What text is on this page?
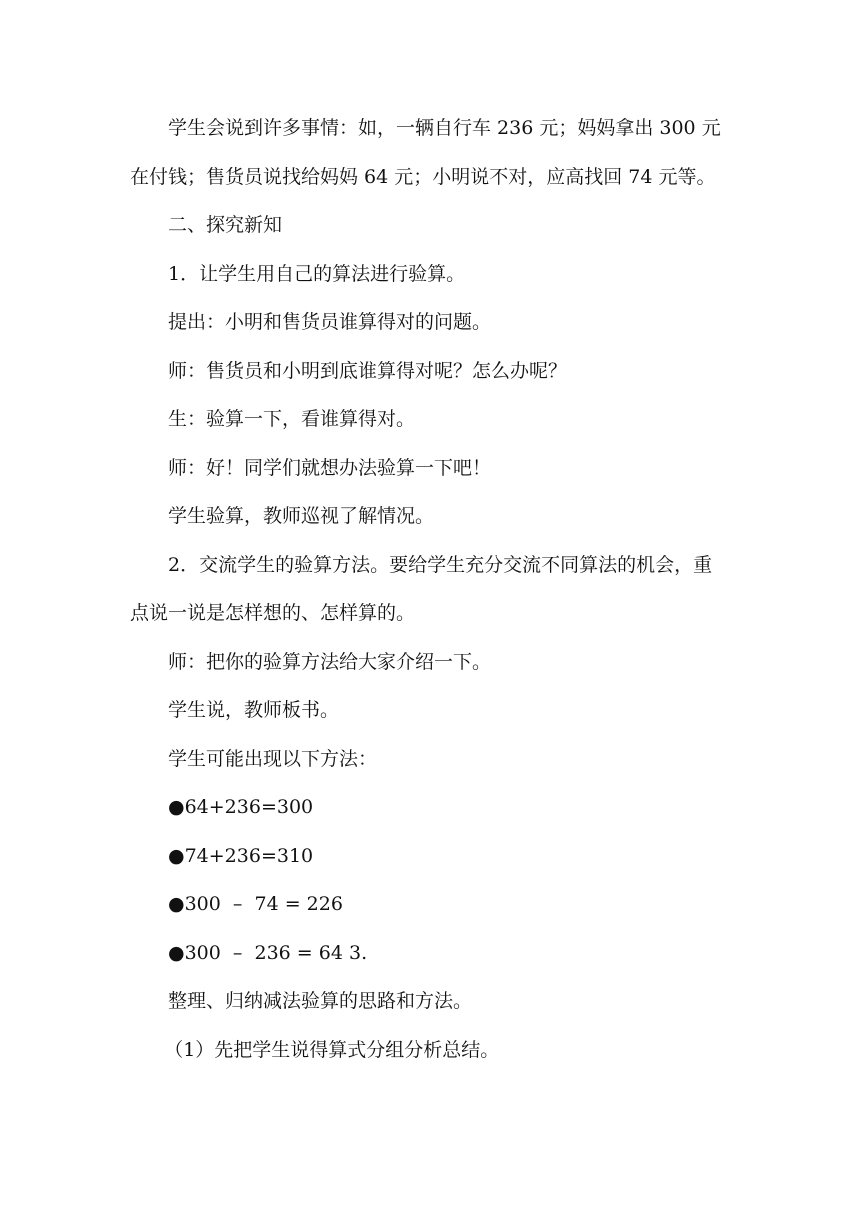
学生会说到许多事情：如，一辆自行车 236 元；妈妈拿出 300 元在付钱；售货员说找给妈妈 64 元；小明说不对，应高找回 74 元等。

二、探究新知

1．让学生用自己的算法进行验算。

提出：小明和售货员谁算得对的问题。

师：售货员和小明到底谁算得对呢？怎么办呢？

生：验算一下，看谁算得对。

师：好！同学们就想办法验算一下吧！

学生验算，教师巡视了解情况。

2．交流学生的验算方法。要给学生充分交流不同算法的机会，重点说一说是怎样想的、怎样算的。

师：把你的验算方法给大家介绍一下。

学生说，教师板书。

学生可能出现以下方法：

●64+236=300

●74+236=310

●300  –  74 = 226

●300  –  236 = 64 3.

整理、归纳减法验算的思路和方法。

（1）先把学生说得算式分组分析总结。
